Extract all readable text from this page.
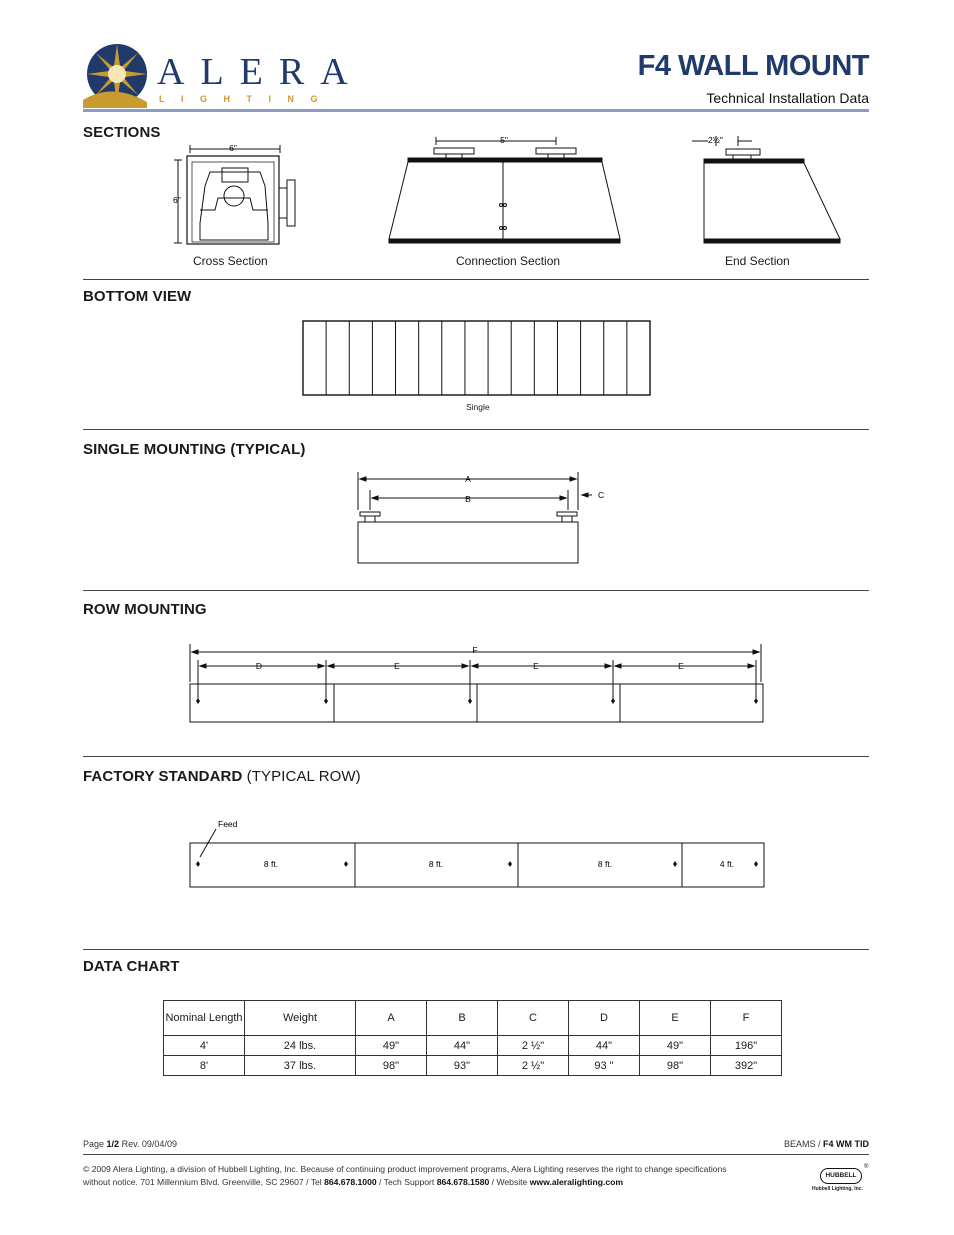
ALERA
LIGHTING
F4 WALL MOUNT
Technical Installation Data
SECTIONS
6"
6"
Cross Section
5"
Connection Section
2½"
End Section
BOTTOM VIEW
Single
SINGLE MOUNTING (TYPICAL)
A
B	C
ROW MOUNTING
F
D	E	E	E
FACTORY STANDARD (TYPICAL ROW)
Feed
8 ft.	8 ft.	8 ft.	4 ft.
DATA CHART
Nominal Length	Weight	A	B	C	D	E	F
4'	24 lbs.	49"	44"	2 ½"	44"	49"	196"
8'	37 lbs.	98"	93"	2 ½"	93 "	98"	392"
Page 1/2 Rev. 09/04/09	BEAMS / F4 WM TID
© 2009 Alera Lighting, a division of Hubbell Lighting, Inc. Because of continuing product improvement programs, Alera Lighting reserves the right to change specifications
without notice. 701 Millennium Blvd. Greenville, SC 29607 / Tel 864.678.1000 / Tech Support 864.678.1580 / Website www.aleralighting.com
HUBBELL
®
Hubbell Lighting, Inc.
